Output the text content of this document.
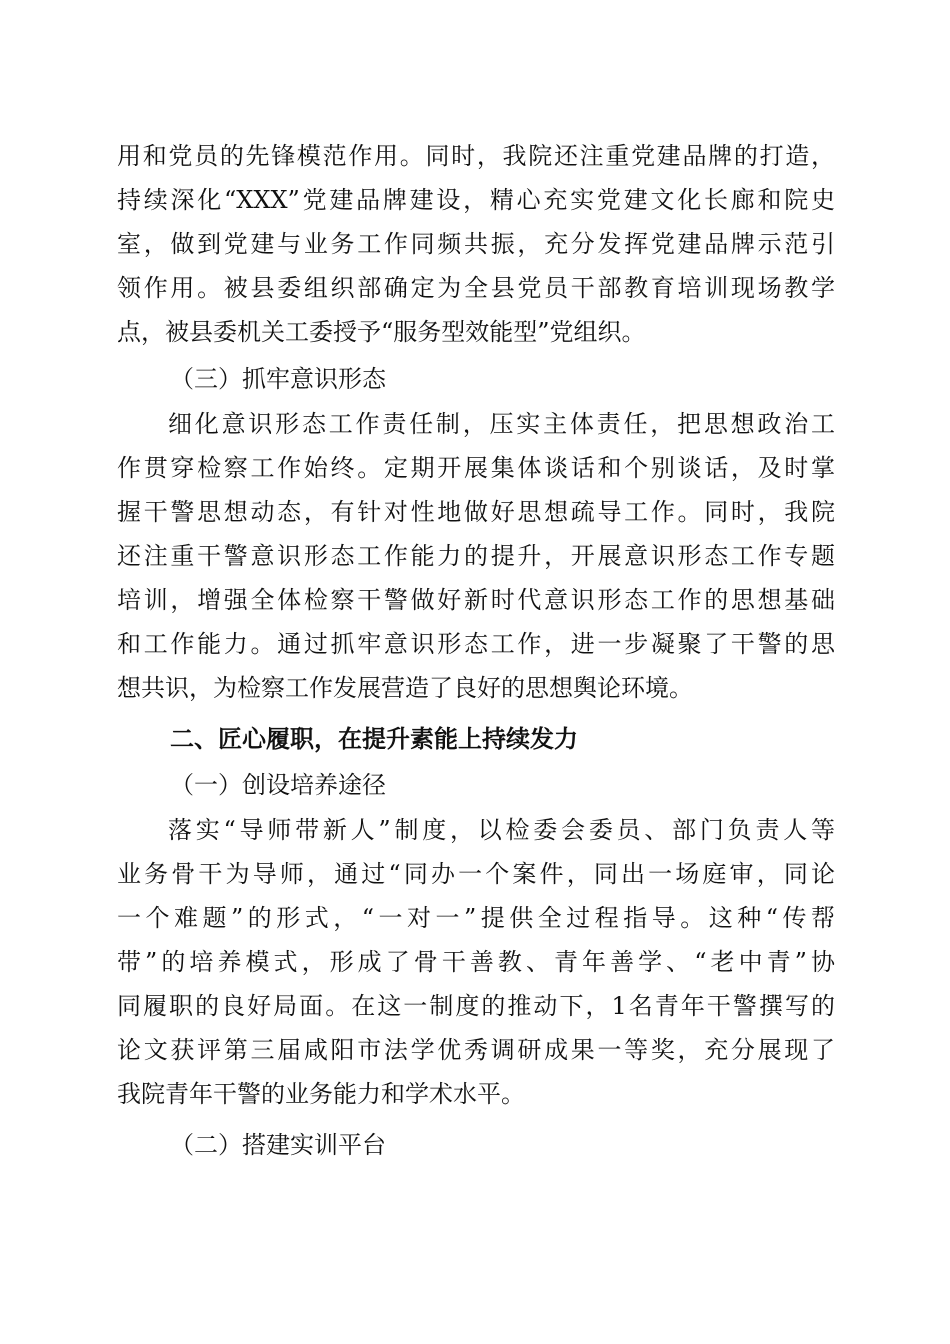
用和党员的先锋模范作用。同时，我院还注重党建品牌的打造，
持续深化“XXX”党建品牌建设，精心充实党建文化长廊和院史
室，做到党建与业务工作同频共振，充分发挥党建品牌示范引
领作用。被县委组织部确定为全县党员干部教育培训现场教学
点，被县委机关工委授予“服务型效能型”党组织。
（三）抓牢意识形态
细化意识形态工作责任制，压实主体责任，把思想政治工
作贯穿检察工作始终。定期开展集体谈话和个别谈话，及时掌
握干警思想动态，有针对性地做好思想疏导工作。同时，我院
还注重干警意识形态工作能力的提升，开展意识形态工作专题
培训，增强全体检察干警做好新时代意识形态工作的思想基础
和工作能力。通过抓牢意识形态工作，进一步凝聚了干警的思
想共识，为检察工作发展营造了良好的思想舆论环境。
二、匠心履职，在提升素能上持续发力
（一）创设培养途径
落实“导师带新人”制度，以检委会委员、部门负责人等
业务骨干为导师，通过“同办一个案件，同出一场庭审，同论
一个难题”的形式，“一对一”提供全过程指导。这种“传帮
带”的培养模式，形成了骨干善教、青年善学、“老中青”协
同履职的良好局面。在这一制度的推动下，1名青年干警撰写的
论文获评第三届咸阳市法学优秀调研成果一等奖，充分展现了
我院青年干警的业务能力和学术水平。
（二）搭建实训平台
